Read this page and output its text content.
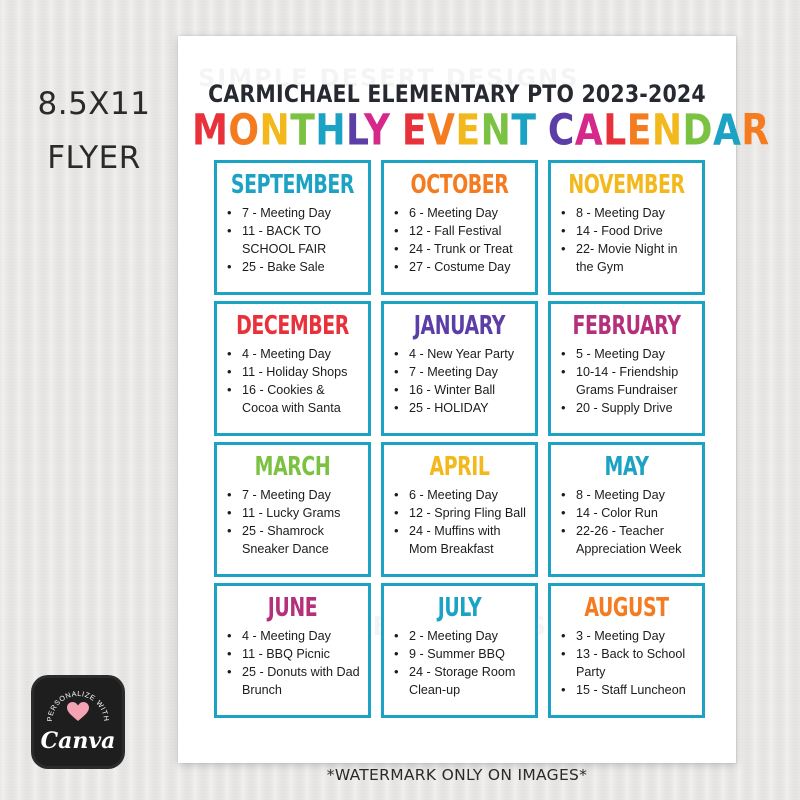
8.5X11
FLYER
CARMICHAEL ELEMENTARY PTO 2023-2024
MONTHLY EVENT CALENDAR
SEPTEMBER
• 7 - Meeting Day
• 11 - BACK TO SCHOOL FAIR
• 25 - Bake Sale
OCTOBER
• 6 - Meeting Day
• 12 - Fall Festival
• 24 - Trunk or Treat
• 27 - Costume Day
NOVEMBER
• 8 - Meeting Day
• 14 - Food Drive
• 22- Movie Night in the Gym
DECEMBER
• 4 - Meeting Day
• 11 - Holiday Shops
• 16 - Cookies & Cocoa with Santa
JANUARY
• 4 - New Year Party
• 7 - Meeting Day
• 16 - Winter Ball
• 25 - HOLIDAY
FEBRUARY
• 5 - Meeting Day
• 10-14 - Friendship Grams Fundraiser
• 20 - Supply Drive
MARCH
• 7 - Meeting Day
• 11 - Lucky Grams
• 25 - Shamrock Sneaker Dance
APRIL
• 6 - Meeting Day
• 12 - Spring Fling Ball
• 24 - Muffins with Mom Breakfast
MAY
• 8 - Meeting Day
• 14 - Color Run
• 22-26 - Teacher Appreciation Week
JUNE
• 4 - Meeting Day
• 11 - BBQ Picnic
• 25 - Donuts with Dad Brunch
JULY
• 2 - Meeting Day
• 9 - Summer BBQ
• 24 - Storage Room Clean-up
AUGUST
• 3 - Meeting Day
• 13 - Back to School Party
• 15 - Staff Luncheon
*WATERMARK ONLY ON IMAGES*
PERSONALIZE WITH
Canva
